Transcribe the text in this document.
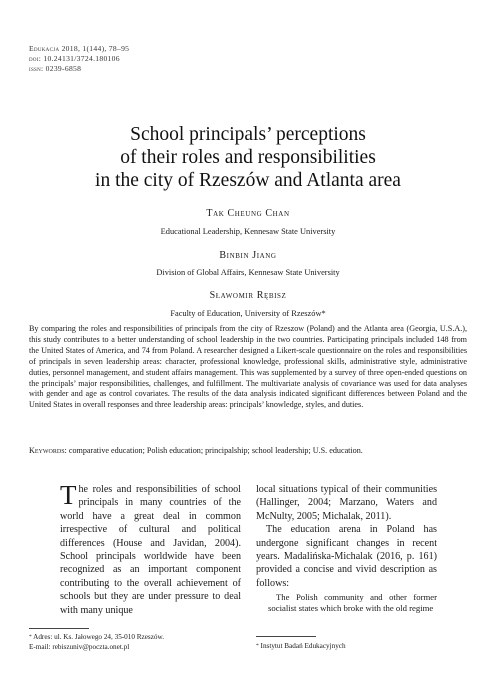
Edukacja 2018, 1(144), 78–95
doi: 10.24131/3724.180106
issn: 0239-6858
School principals’ perceptions
of their roles and responsibilities
in the city of Rzeszów and Atlanta area
Tak Cheung Chan
Educational Leadership, Kennesaw State University
Binbin Jiang
Division of Global Affairs, Kennesaw State University
Sławomir Rębisz
Faculty of Education, University of Rzeszów*
By comparing the roles and responsibilities of principals from the city of Rzeszow (Poland) and the Atlanta area (Georgia, U.S.A.), this study contributes to a better understanding of school leadership in the two countries. Participating principals included 148 from the United States of America, and 74 from Poland. A researcher designed a Likert-scale questionnaire on the roles and responsibilities of principals in seven leadership areas: character, professional knowledge, professional skills, administrative style, administrative duties, personnel management, and student affairs management. This was supplemented by a survey of three open-ended questions on the principals’ major responsibilities, challenges, and fulfillment. The multivariate analysis of covariance was used for data analyses with gender and age as control covariates. The results of the data analysis indicated significant differences between Poland and the United States in overall responses and three leadership areas: principals’ knowledge, styles, and duties.
Keywords: comparative education; Polish education; principalship; school leadership; U.S. education.
The roles and responsibilities of school principals in many countries of the world have a great deal in common irrespective of cultural and political differences (House and Javidan, 2004). School principals worldwide have been recognized as an important component contributing to the overall achievement of schools but they are under pressure to deal with many unique

local situations typical of their communities (Hallinger, 2004; Marzano, Waters and McNulty, 2005; Michalak, 2011).

The education arena in Poland has undergone significant changes in recent years. Madalińska-Michalak (2016, p. 161) provided a concise and vivid description as follows:

The Polish community and other former socialist states which broke with the old regime

* Adres: ul. Ks. Jałowego 24, 35-010 Rzeszów.
E-mail: rebiszuniv@poczta.onet.pl	* Instytut Badań Edukacyjnych
